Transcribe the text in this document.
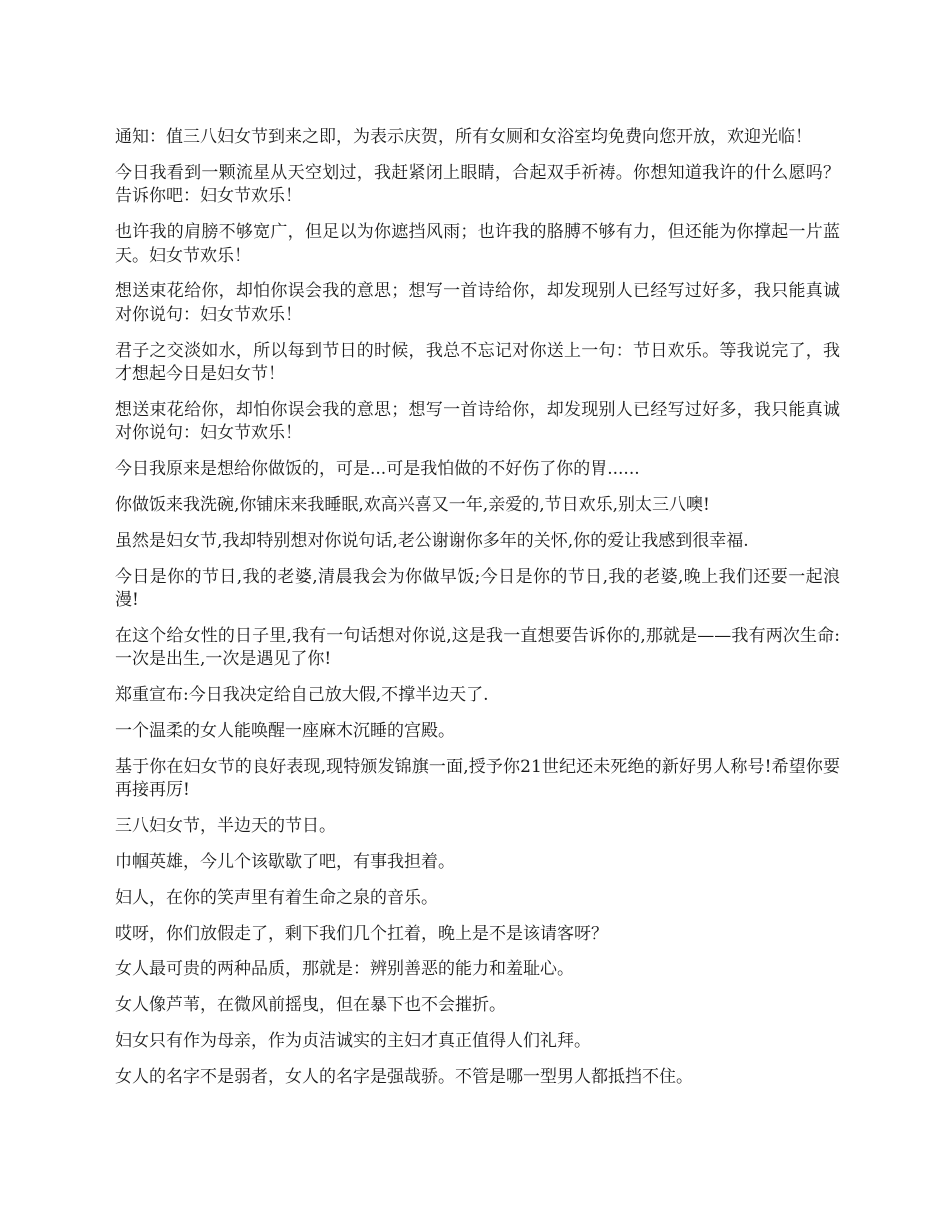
通知：值三八妇女节到来之即，为表示庆贺，所有女厕和女浴室均免费向您开放，欢迎光临！

今日我看到一颗流星从天空划过，我赶紧闭上眼睛，合起双手祈祷。你想知道我许的什么愿吗？告诉你吧：妇女节欢乐！

也许我的肩膀不够宽广，但足以为你遮挡风雨；也许我的胳膊不够有力，但还能为你撑起一片蓝天。妇女节欢乐！

想送束花给你，却怕你误会我的意思；想写一首诗给你，却发现别人已经写过好多，我只能真诚对你说句：妇女节欢乐！

君子之交淡如水，所以每到节日的时候，我总不忘记对你送上一句：节日欢乐。等我说完了，我才想起今日是妇女节！

想送束花给你，却怕你误会我的意思；想写一首诗给你，却发现别人已经写过好多，我只能真诚对你说句：妇女节欢乐！

今日我原来是想给你做饭的，可是...可是我怕做的不好伤了你的胃......

你做饭来我洗碗,你铺床来我睡眠,欢高兴喜又一年,亲爱的,节日欢乐,别太三八噢!

虽然是妇女节,我却特别想对你说句话,老公谢谢你多年的关怀,你的爱让我感到很幸福.

今日是你的节日,我的老婆,清晨我会为你做早饭;今日是你的节日,我的老婆,晚上我们还要一起浪漫!

在这个给女性的日子里,我有一句话想对你说,这是我一直想要告诉你的,那就是——我有两次生命:一次是出生,一次是遇见了你!

郑重宣布:今日我决定给自己放大假,不撑半边天了.

一个温柔的女人能唤醒一座麻木沉睡的宫殿。

基于你在妇女节的良好表现,现特颁发锦旗一面,授予你21世纪还未死绝的新好男人称号!希望你要再接再厉!

三八妇女节，半边天的节日。

巾帼英雄，今儿个该歇歇了吧，有事我担着。

妇人，在你的笑声里有着生命之泉的音乐。

哎呀，你们放假走了，剩下我们几个扛着，晚上是不是该请客呀？

女人最可贵的两种品质，那就是：辨别善恶的能力和羞耻心。

女人像芦苇，在微风前摇曳，但在暴下也不会摧折。

妇女只有作为母亲，作为贞洁诚实的主妇才真正值得人们礼拜。

女人的名字不是弱者，女人的名字是强哉骄。不管是哪一型男人都抵挡不住。
